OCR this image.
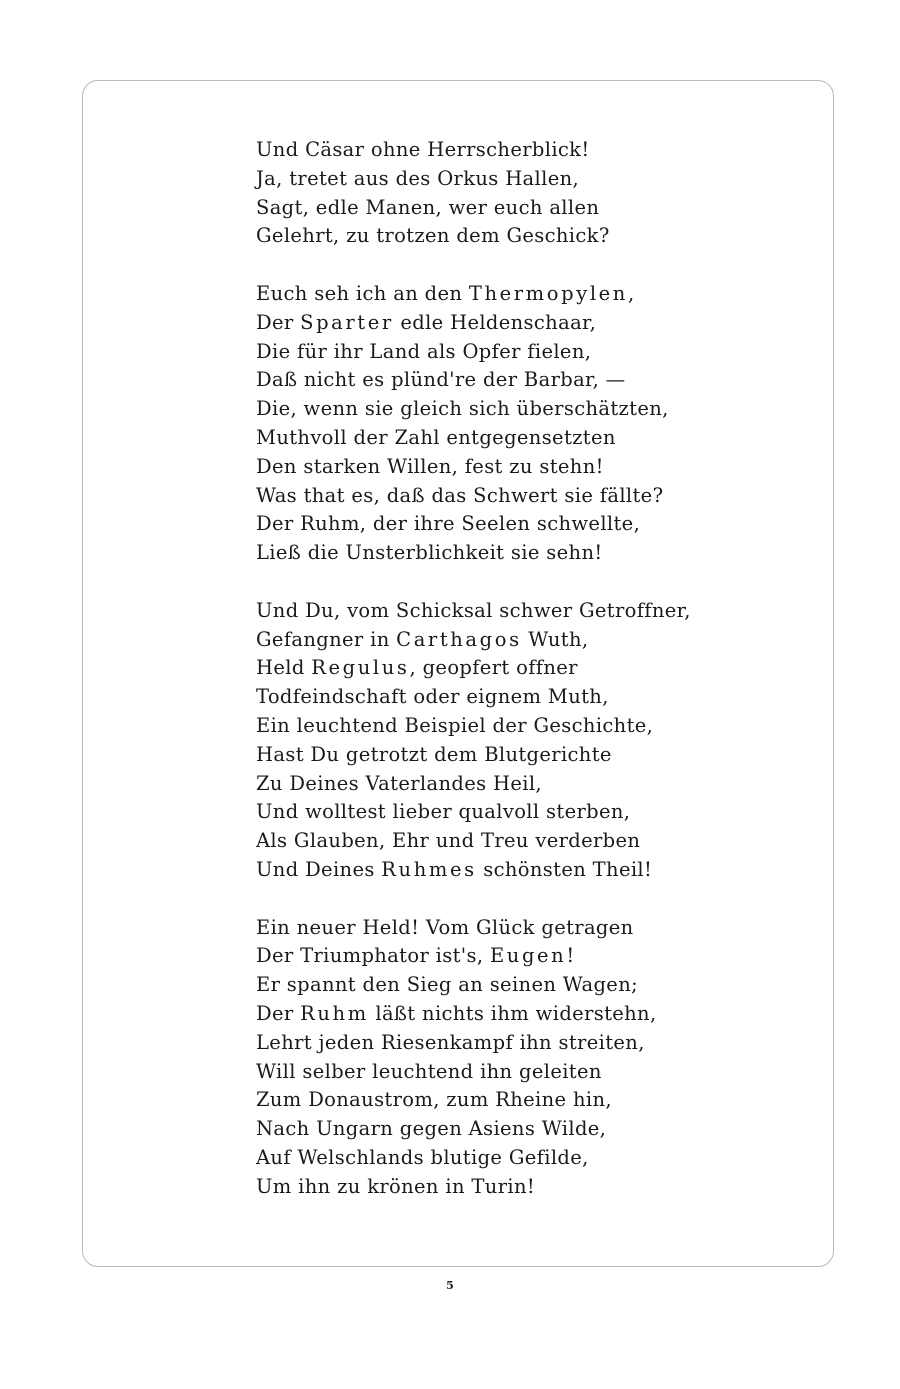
Und Cäsar ohne Herrscherblick!
Ja, tretet aus des Orkus Hallen,
Sagt, edle Manen, wer euch allen
Gelehrt, zu trotzen dem Geschick?
Euch seh ich an den Thermopylen,
Der Sparter edle Heldenschaar,
Die für ihr Land als Opfer fielen,
Daß nicht es plünd're der Barbar, —
Die, wenn sie gleich sich überschätzten,
Muthvoll der Zahl entgegensetzten
Den starken Willen, fest zu stehn!
Was that es, daß das Schwert sie fällte?
Der Ruhm, der ihre Seelen schwellte,
Ließ die Unsterblichkeit sie sehn!
Und Du, vom Schicksal schwer Getroffner,
Gefangner in Carthagos Wuth,
Held Regulus, geopfert offner
Todfeindschaft oder eignem Muth,
Ein leuchtend Beispiel der Geschichte,
Hast Du getrotzt dem Blutgerichte
Zu Deines Vaterlandes Heil,
Und wolltest lieber qualvoll sterben,
Als Glauben, Ehr und Treu verderben
Und Deines Ruhmes schönsten Theil!
Ein neuer Held! Vom Glück getragen
Der Triumphator ist's, Eugen!
Er spannt den Sieg an seinen Wagen;
Der Ruhm läßt nichts ihm widerstehn,
Lehrt jeden Riesenkampf ihn streiten,
Will selber leuchtend ihn geleiten
Zum Donaustrom, zum Rheine hin,
Nach Ungarn gegen Asiens Wilde,
Auf Welschlands blutige Gefilde,
Um ihn zu krönen in Turin!
5
